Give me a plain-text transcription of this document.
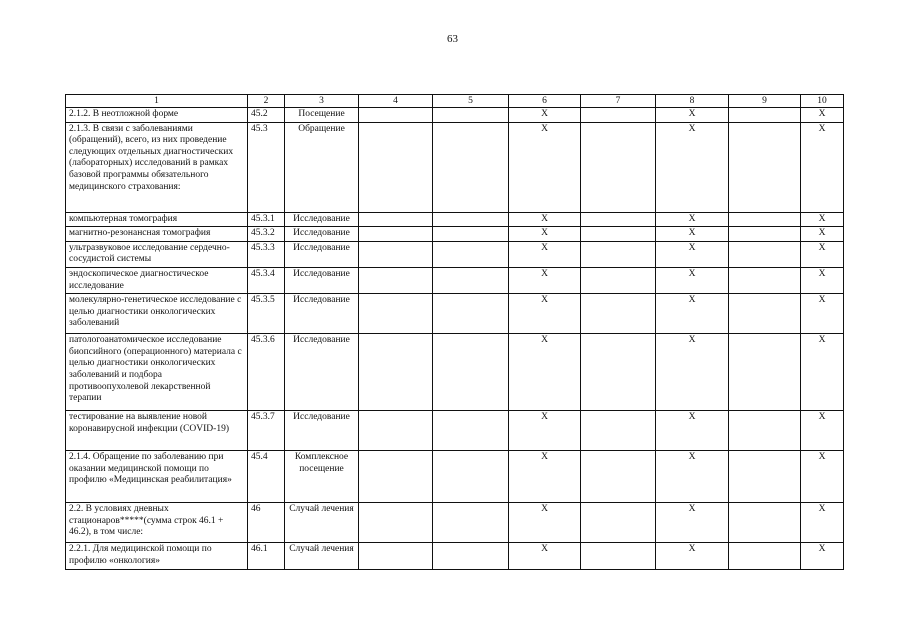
63
1	2	3	4	5	6	7	8	9	10
2.1.2. В неотложной форме	45.2	Посещение			X		X		X
2.1.3. В связи с заболеваниями (обращений), всего, из них проведение следующих отдельных диагностических (лабораторных) исследований в рамках базовой программы обязательного медицинского страхования:	45.3	Обращение			X		X		X
компьютерная томография	45.3.1	Исследование			X		X		X
магнитно-резонансная томография	45.3.2	Исследование			X		X		X
ультразвуковое исследование сердечно-сосудистой системы	45.3.3	Исследование			X		X		X
эндоскопическое диагностическое исследование	45.3.4	Исследование			X		X		X
молекулярно-генетическое исследование с целью диагностики онкологических заболеваний	45.3.5	Исследование			X		X		X
патологоанатомическое исследование биопсийного (операционного) материала с целью диагностики онкологических заболеваний и подбора противоопухолевой лекарственной терапии	45.3.6	Исследование			X		X		X
тестирование на выявление новой коронавирусной инфекции (COVID-19)	45.3.7	Исследование			X		X		X
2.1.4. Обращение по заболеванию при оказании медицинской помощи по профилю «Медицинская реабилитация»	45.4	Комплексное посещение			X		X		X
2.2. В условиях дневных стационаров*****(сумма строк 46.1 + 46.2), в том числе:	46	Случай лечения			X		X		X
2.2.1. Для медицинской помощи по профилю «онкология»	46.1	Случай лечения			X		X		X
